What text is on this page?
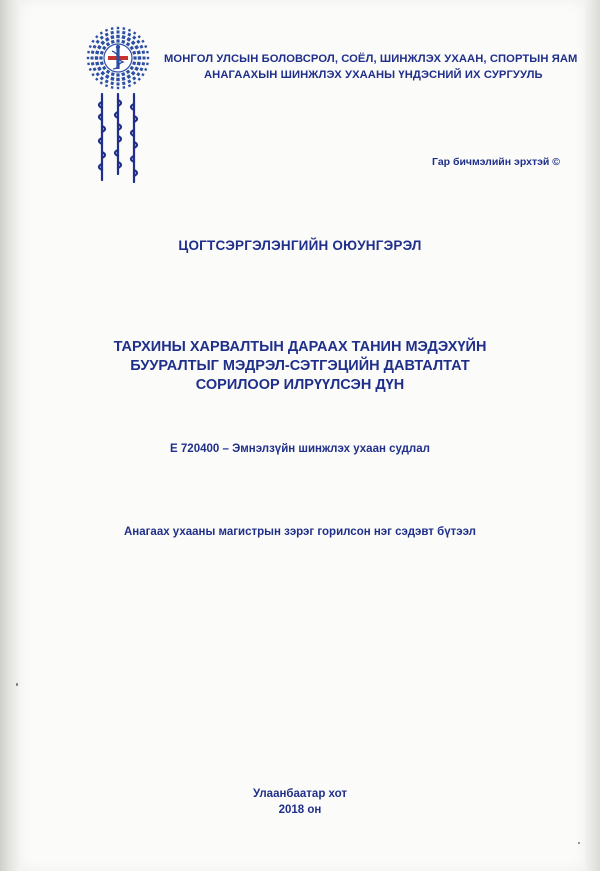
МОНГОЛ УЛСЫН БОЛОВСРОЛ, СОЁЛ, ШИНЖЛЭХ УХААН, СПОРТЫН ЯАМ
АНАГААХЫН ШИНЖЛЭХ УХААНЫ ҮНДЭСНИЙ ИХ СУРГУУЛЬ
Гар бичмэлийн эрхтэй ©
ЦОГТСЭРГЭЛЭНГИЙН ОЮУНГЭРЭЛ
ТАРХИНЫ ХАРВАЛТЫН ДАРААХ ТАНИН МЭДЭХҮЙН
БУУРАЛТЫГ МЭДРЭЛ-СЭТГЭЦИЙН ДАВТАЛТАТ
СОРИЛООР ИЛРҮҮЛСЭН ДҮН
Е 720400 – Эмнэлзүйн шинжлэх ухаан судлал
Анагаах ухааны магистрын зэрэг горилсон нэг сэдэвт бүтээл
Улаанбаатар хот
2018 он
